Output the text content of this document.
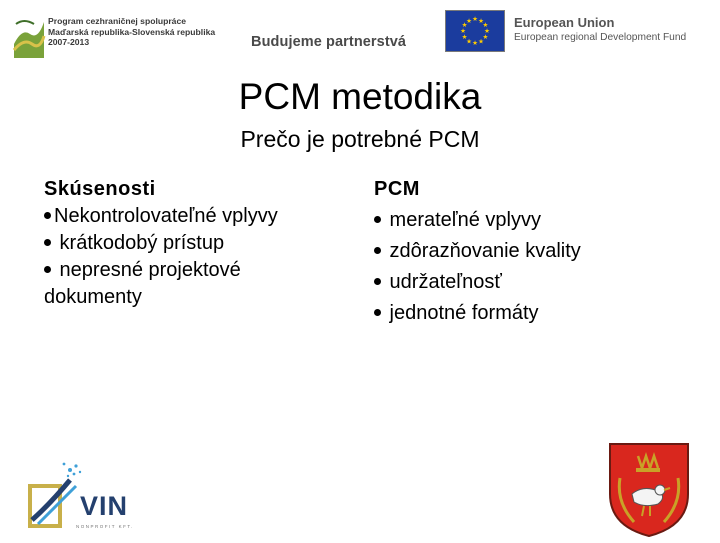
Program cezhraničnej spolupráce
Maďarská republika-Slovenská republika
2007-2013	Budujeme partnerstvá
★ ★
★
★
★
★
★
★
★
★
★
★	European Union
European regional Development Fund
PCM metodika
Prečo je potrebné PCM
Skúsenosti
Nekontrolovateľné vplyvy
krátkodobý prístup
nepresné projektové dokumenty
PCM
merateľné vplyvy
zdôrazňovanie kvality
udržateľnosť
jednotné formáty
VIN
NONPROFIT KFT.
